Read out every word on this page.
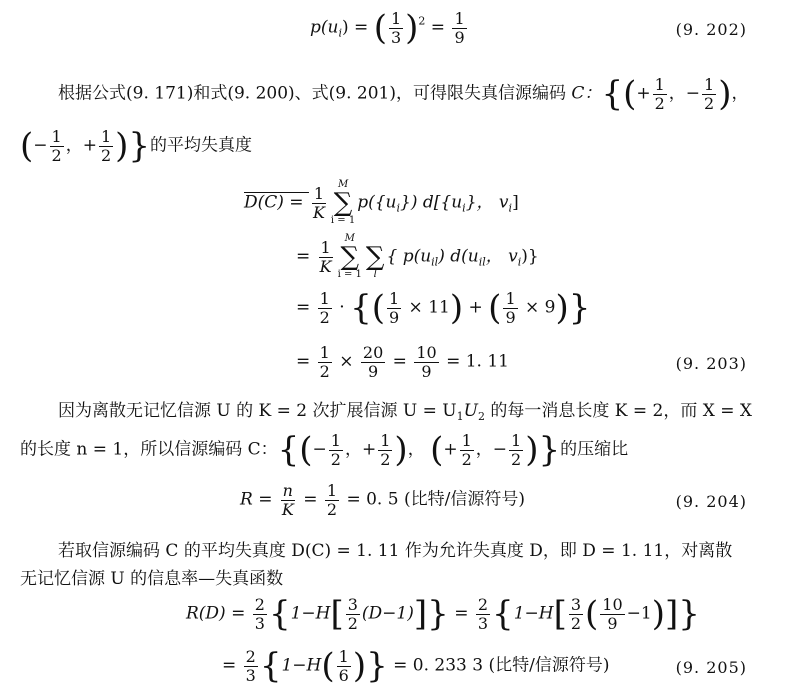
$p(u_i)$ = ( $\frac{1}{3} )^2 = \frac{1}{9}$	(9. 202)
根据公式(9. 171)和式(9. 200)、式(9. 201)，可得限失真信源编码 C：{(+ $\frac{1}{2}$ ，− $\frac{1}{2}$ )，
(− $\frac{1}{2}$ ，+ $\frac{1}{2}$ )}的平均失真度
$D(C) = \frac{1}{K}$
M
∑
i = 1
$p(\{u_i\})$ $d[\{u_i\}$， $v_i$]
= $\frac{1}{K}$
M
∑
i = 1

∑
l
{ $p(u_{il})$ $d(u_{il}$， $v_i$)}
= $\frac{1}{2}$ · {( $\frac{1}{9} \times 11$) + ( $\frac{1}{9} \times 9$)}
= $\frac{1}{2} \times \frac{20}{9} = \frac{10}{9} = 1$. 11	(9. 203)
因为离散无记忆信源 U 的 K = 2 次扩展信源 $U = U_1U_2$ 的每一消息长度 K = 2，而 X = X
的长度 n = 1，所以信源编码 C：{(− $\frac{1}{2}$ ，+ $\frac{1}{2}$ )， (+ $\frac{1}{2}$ ，− $\frac{1}{2}$ )}的压缩比
$R = \frac{n}{K} = \frac{1}{2} = 0$. 5 (比特/信源符号)	(9. 204)
若取信源编码 C 的平均失真度 D(C) = 1. 11 作为允许失真度 D，即 D = 1. 11，对离散
无记忆信源 U 的信息率—失真函数
$R(D) = \frac{2}{3} \{1-H[ \frac{3}{2} (D-1)]\} = \frac{2}{3} \{1-H[ \frac{3}{2}$ ( $\frac{10}{9} -1$)]}
= $\frac{2}{3} \{1-H( \frac{1}{6}$ )} = 0. 233 3 (比特/信源符号)	(9. 205)
